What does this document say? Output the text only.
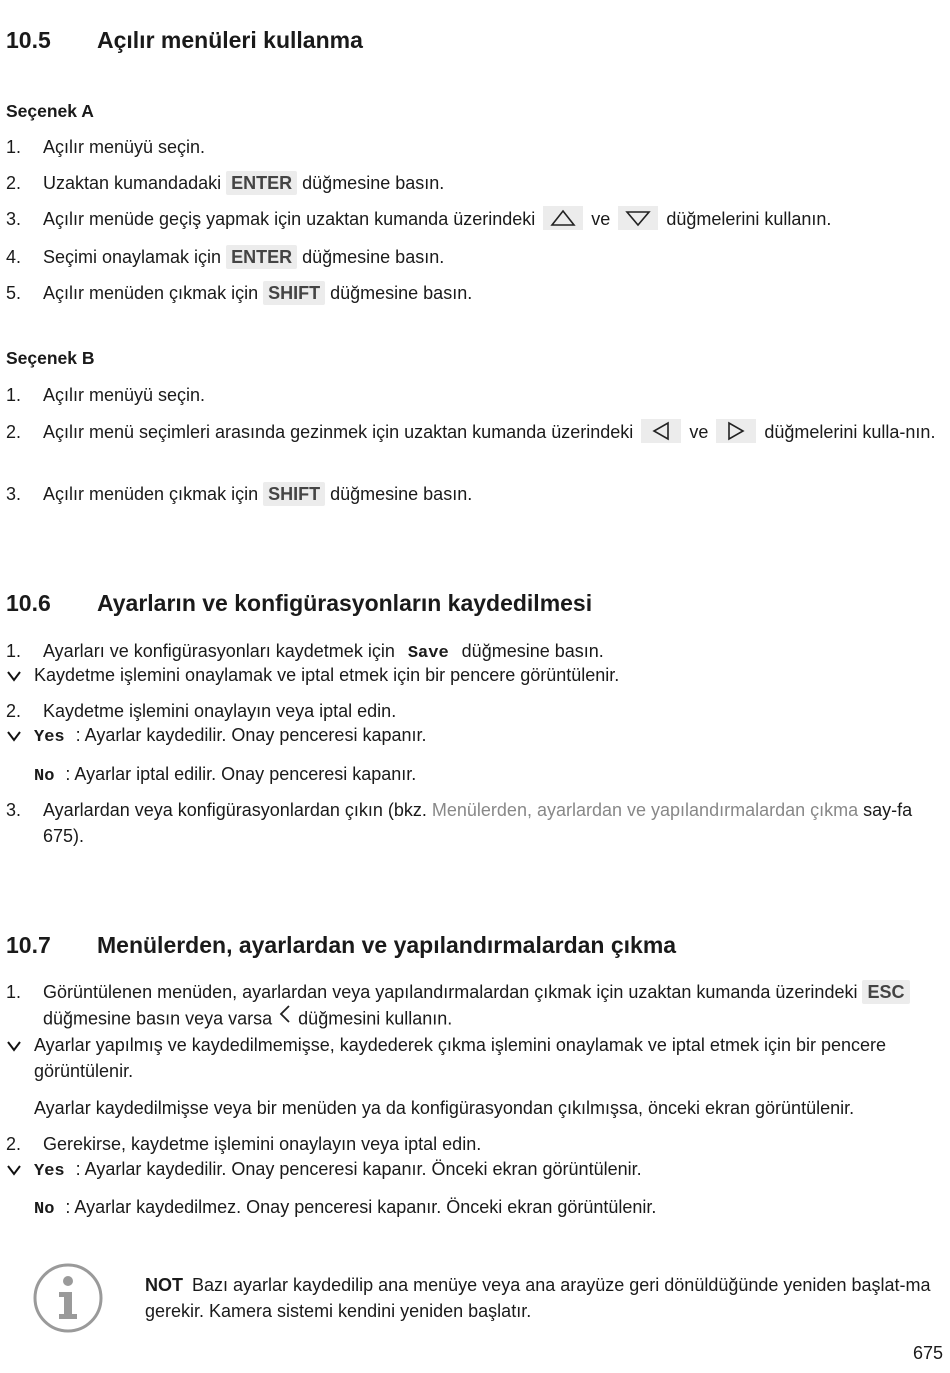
10.5 Açılır menüleri kullanma
Seçenek A
1. Açılır menüyü seçin.
2. Uzaktan kumandadaki ENTER düğmesine basın.
3. Açılır menüde geçiş yapmak için uzaktan kumanda üzerindeki	ve	düğmelerini kullanın.
4. Seçimi onaylamak için ENTER düğmesine basın.
5. Açılır menüden çıkmak için SHIFT düğmesine basın.
Seçenek B
1. Açılır menüyü seçin.
2. Açılır menü seçimleri arasında gezinmek için uzaktan kumanda üzerindeki	ve	düğmelerini kulla-nın.
3. Açılır menüden çıkmak için SHIFT düğmesine basın.
10.6 Ayarların ve konfigürasyonların kaydedilmesi
1. Ayarları ve konfigürasyonları kaydetmek için Save düğmesine basın.
Kaydetme işlemini onaylamak ve iptal etmek için bir pencere görüntülenir.
2. Kaydetme işlemini onaylayın veya iptal edin.
Yes : Ayarlar kaydedilir. Onay penceresi kapanır.
No : Ayarlar iptal edilir. Onay penceresi kapanır.
3. Ayarlardan veya konfigürasyonlardan çıkın (bkz. Menülerden, ayarlardan ve yapılandırmalardan çıkma say-fa 675).
10.7 Menülerden, ayarlardan ve yapılandırmalardan çıkma
1. Görüntülenen menüden, ayarlardan veya yapılandırmalardan çıkmak için uzaktan kumanda üzerindeki ESC düğmesine basın veya varsa düğmesini kullanın.
Ayarlar yapılmış ve kaydedilmemişse, kaydederek çıkma işlemini onaylamak ve iptal etmek için bir pencere görüntülenir.
Ayarlar kaydedilmişse veya bir menüden ya da konfigürasyondan çıkılmışsa, önceki ekran görüntülenir.
2. Gerekirse, kaydetme işlemini onaylayın veya iptal edin.
Yes : Ayarlar kaydedilir. Onay penceresi kapanır. Önceki ekran görüntülenir.
No : Ayarlar kaydedilmez. Onay penceresi kapanır. Önceki ekran görüntülenir.
NOT Bazı ayarlar kaydedilip ana menüye veya ana arayüze geri dönüldüğünde yeniden başlat-ma gerekir. Kamera sistemi kendini yeniden başlatır.
675
